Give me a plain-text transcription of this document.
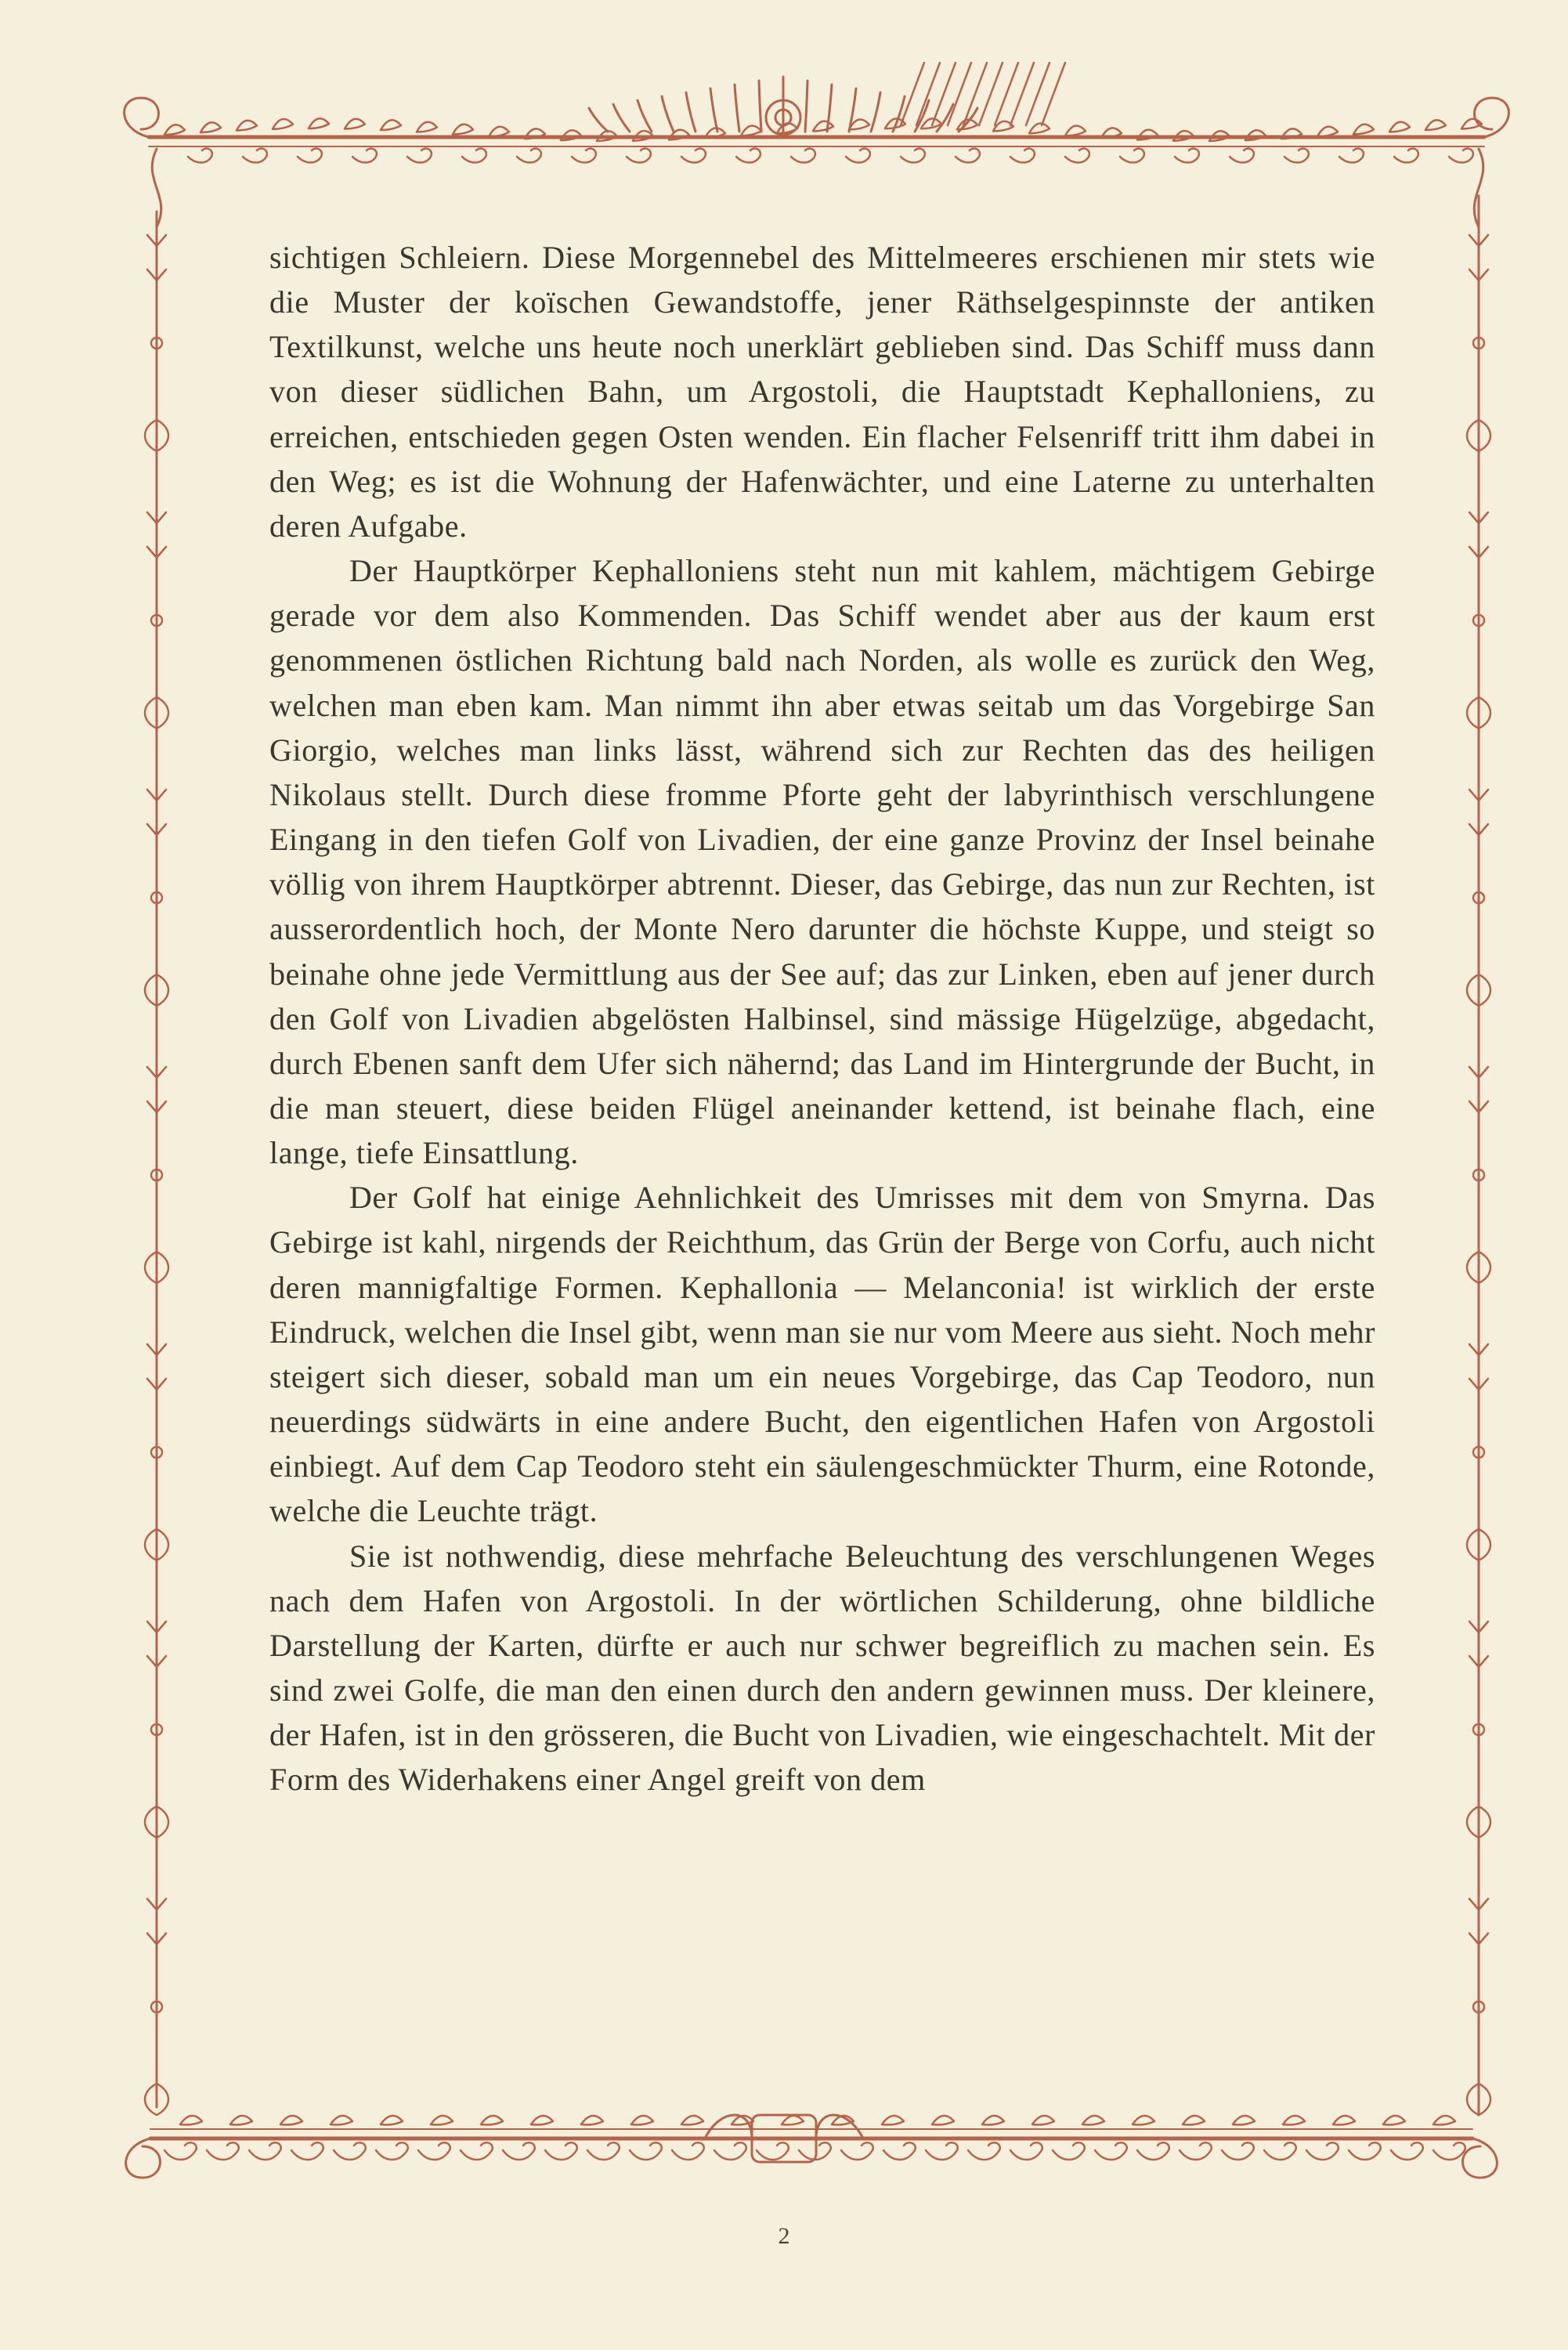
sichtigen Schleiern. Diese Morgennebel des Mittelmeeres erschienen mir stets wie die Muster der koïschen Gewandstoffe, jener Räthselgespinnste der antiken Textilkunst, welche uns heute noch unerklärt geblieben sind. Das Schiff muss dann von dieser südlichen Bahn, um Argostoli, die Hauptstadt Kephalloniens, zu erreichen, entschieden gegen Osten wenden. Ein flacher Felsenriff tritt ihm dabei in den Weg; es ist die Wohnung der Hafenwächter, und eine Laterne zu unterhalten deren Aufgabe.

Der Hauptkörper Kephalloniens steht nun mit kahlem, mächtigem Gebirge gerade vor dem also Kommenden. Das Schiff wendet aber aus der kaum erst genommenen östlichen Richtung bald nach Norden, als wolle es zurück den Weg, welchen man eben kam. Man nimmt ihn aber etwas seitab um das Vorgebirge San Giorgio, welches man links lässt, während sich zur Rechten das des heiligen Nikolaus stellt. Durch diese fromme Pforte geht der labyrinthisch verschlungene Eingang in den tiefen Golf von Livadien, der eine ganze Provinz der Insel beinahe völlig von ihrem Hauptkörper abtrennt. Dieser, das Gebirge, das nun zur Rechten, ist ausserordentlich hoch, der Monte Nero darunter die höchste Kuppe, und steigt so beinahe ohne jede Vermittlung aus der See auf; das zur Linken, eben auf jener durch den Golf von Livadien abgelösten Halbinsel, sind mässige Hügelzüge, abgedacht, durch Ebenen sanft dem Ufer sich nähernd; das Land im Hintergrunde der Bucht, in die man steuert, diese beiden Flügel aneinander kettend, ist beinahe flach, eine lange, tiefe Einsattlung.

Der Golf hat einige Aehnlichkeit des Umrisses mit dem von Smyrna. Das Gebirge ist kahl, nirgends der Reichthum, das Grün der Berge von Corfu, auch nicht deren mannigfaltige Formen. Kephallonia — Melanconia! ist wirklich der erste Eindruck, welchen die Insel gibt, wenn man sie nur vom Meere aus sieht. Noch mehr steigert sich dieser, sobald man um ein neues Vorgebirge, das Cap Teodoro, nun neuerdings südwärts in eine andere Bucht, den eigentlichen Hafen von Argostoli einbiegt. Auf dem Cap Teodoro steht ein säulengeschmückter Thurm, eine Rotonde, welche die Leuchte trägt.

Sie ist nothwendig, diese mehrfache Beleuchtung des verschlungenen Weges nach dem Hafen von Argostoli. In der wörtlichen Schilderung, ohne bildliche Darstellung der Karten, dürfte er auch nur schwer begreiflich zu machen sein. Es sind zwei Golfe, die man den einen durch den andern gewinnen muss. Der kleinere, der Hafen, ist in den grösseren, die Bucht von Livadien, wie eingeschachtelt. Mit der Form des Widerhakens einer Angel greift von dem

2
